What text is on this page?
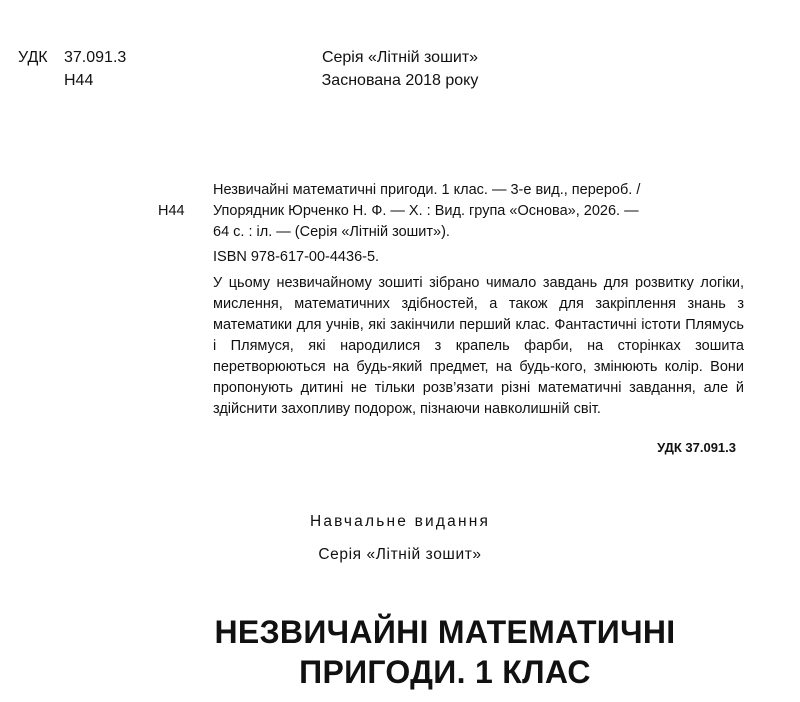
УДК	37.091.3
Н44
Серія «Літній зошит»
Заснована 2018 року
Н44

Незвичайні математичні пригоди. 1 клас. — 3-е вид., перероб. /

Упорядник Юрченко Н. Ф. — Х. : Вид. група «Основа», 2026. —

64 с. : іл. — (Серія «Літній зошит»).

ISBN 978-617-00-4436-5.

У цьому незвичайному зошиті зібрано чимало завдань для розвитку логіки, мислення, математичних здібностей, а також для закріплення знань з математики для учнів, які закінчили перший клас. Фантастичні істоти Плямусь і Плямуся, які народилися з крапель фарби, на сторінках зошита перетворюються на будь-який предмет, на будь-кого, змінюють колір. Вони пропонують дитині не тільки розв’язати різні математичні завдання, але й здійснити захопливу подорож, пізнаючи навколишній світ.

УДК 37.091.3
Навчальне видання
Серія «Літній зошит»
НЕЗВИЧАЙНІ МАТЕМАТИЧНІ
ПРИГОДИ. 1 КЛАС
